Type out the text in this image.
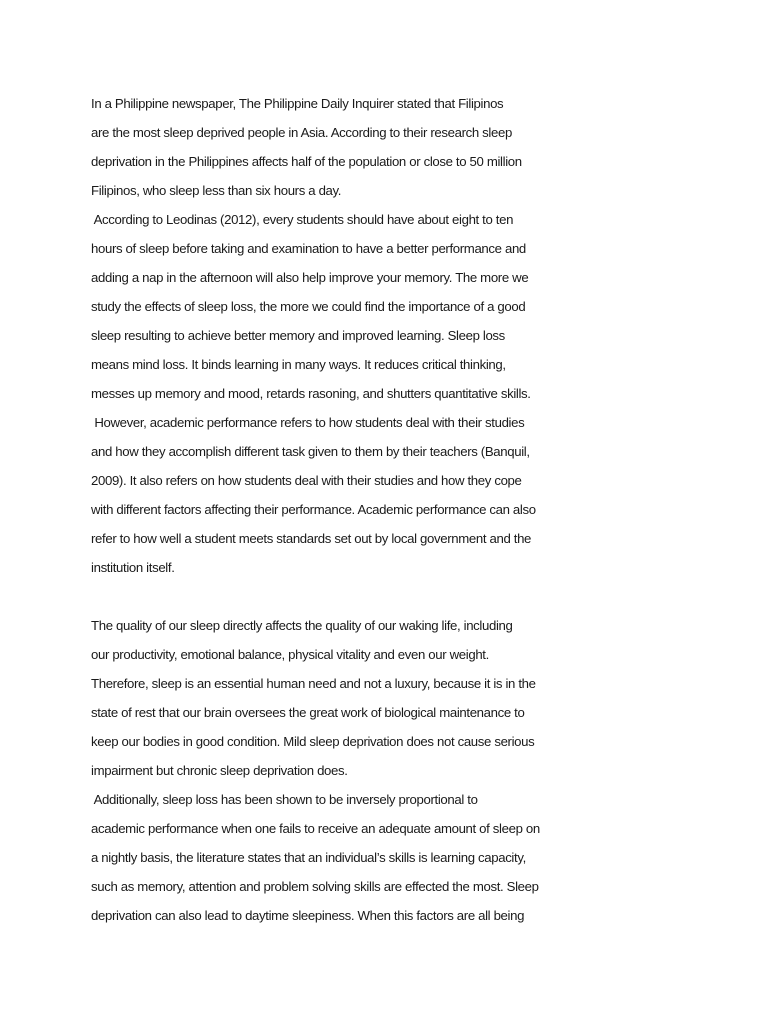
In a Philippine newspaper, The Philippine Daily Inquirer stated that Filipinos
are the most sleep deprived people in Asia. According to their research sleep
deprivation in the Philippines affects half of the population or close to 50 million
Filipinos, who sleep less than six hours a day.
According to Leodinas (2012), every students should have about eight to ten
hours of sleep before taking and examination to have a better performance and
adding a nap in the afternoon will also help improve your memory. The more we
study the effects of sleep loss, the more we could find the importance of a good
sleep resulting to achieve better memory and improved learning. Sleep loss
means mind loss. It binds learning in many ways. It reduces critical thinking,
messes up memory and mood, retards rasoning, and shutters quantitative skills.
However, academic performance refers to how students deal with their studies
and how they accomplish different task given to them by their teachers (Banquil,
2009). It also refers on how students deal with their studies and how they cope
with different factors affecting their performance. Academic performance can also
refer to how well a student meets standards set out by local government and the
institution itself.
The quality of our sleep directly affects the quality of our waking life, including
our productivity, emotional balance, physical vitality and even our weight.
Therefore, sleep is an essential human need and not a luxury, because it is in the
state of rest that our brain oversees the great work of biological maintenance to
keep our bodies in good condition. Mild sleep deprivation does not cause serious
impairment but chronic sleep deprivation does.
Additionally, sleep loss has been shown to be inversely proportional to
academic performance when one fails to receive an adequate amount of sleep on
a nightly basis, the literature states that an individual’s skills is learning capacity,
such as memory, attention and problem solving skills are effected the most. Sleep
deprivation can also lead to daytime sleepiness. When this factors are all being
